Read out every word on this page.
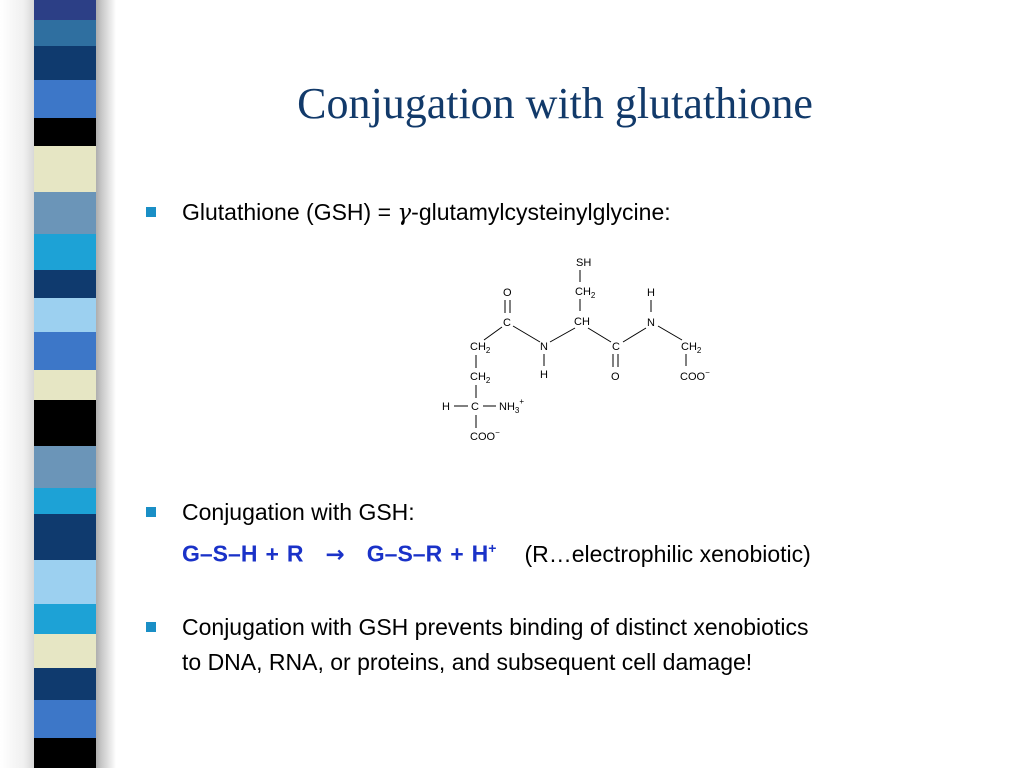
Conjugation with glutathione
Glutathione (GSH) = γ-glutamylcysteinylglycine:
SH
$CH_2$
CH
O
C
N
H
C
O
H
N
$CH_2$
COO−
$CH_2$
$CH_2$
H C $NH_3^+$
COO−
Conjugation with GSH:
G–S–H + R → G–S–R + H+ (R…electrophilic xenobiotic)
Conjugation with GSH prevents binding of distinct xenobiotics
to DNA, RNA, or proteins, and subsequent cell damage!
